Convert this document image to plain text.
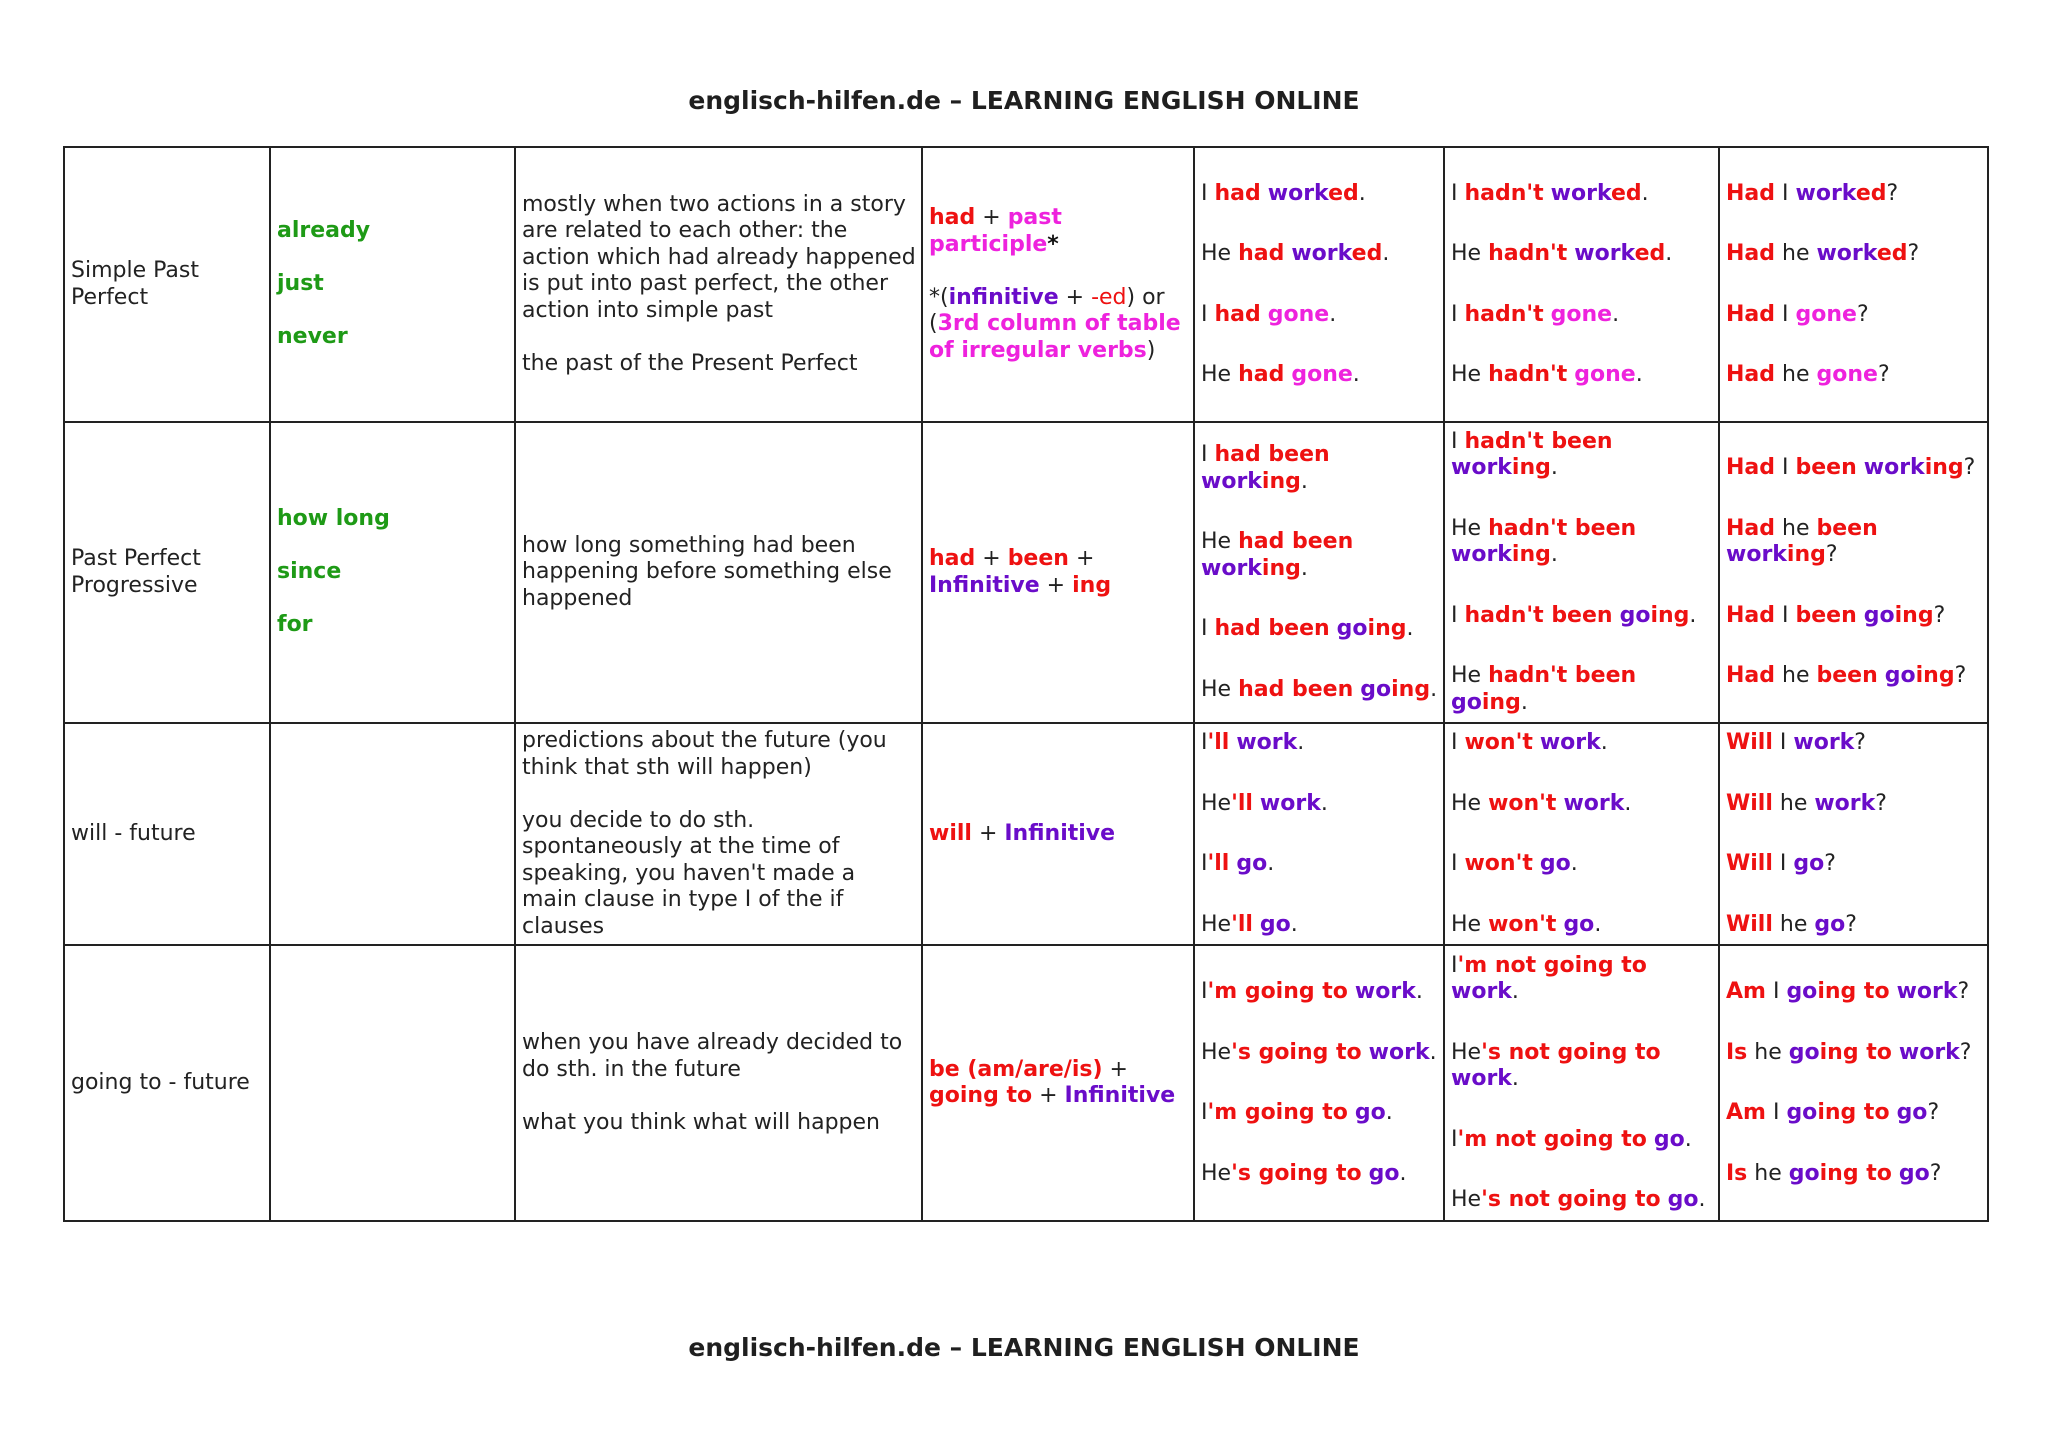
englisch-hilfen.de – LEARNING ENGLISH ONLINE
Simple Past Perfect	already
just
never	mostly when two actions in a story are related to each other: the action which had already happened is put into past perfect, the other action into simple past
the past of the Present Perfect	had + past participle*
*(infinitive + -ed) or (3rd column of table of irregular verbs)	I had worked.
He had worked.
I had gone.
He had gone.	I hadn't worked.
He hadn't worked.
I hadn't gone.
He hadn't gone.	Had I worked?
Had he worked?
Had I gone?
Had he gone?

Past Perfect Progressive	how long
since
for	how long something had been happening before something else happened	had + been + Infinitive + ing	I had been working.
He had been working.
I had been going.
He had been going.	I hadn't been working.
He hadn't been working.
I hadn't been going.
He hadn't been going.	Had I been working?
Had he been working?
Had I been going?
Had he been going?

will - future		predictions about the future (you think that sth will happen)
you decide to do sth. spontaneously at the time of speaking, you haven't made a main clause in type I of the if clauses	will + Infinitive	I'll work.
He'll work.
I'll go.
He'll go.	I won't work.
He won't work.
I won't go.
He won't go.	Will I work?
Will he work?
Will I go?
Will he go?

going to - future		when you have already decided to do sth. in the future
what you think what will happen	be (am/are/is) + going to + Infinitive	I'm going to work.
He's going to work.
I'm going to go.
He's going to go.	I'm not going to work.
He's not going to work.
I'm not going to go.
He's not going to go.	Am I going to work?
Is he going to work?
Am I going to go?
Is he going to go?
englisch-hilfen.de – LEARNING ENGLISH ONLINE
